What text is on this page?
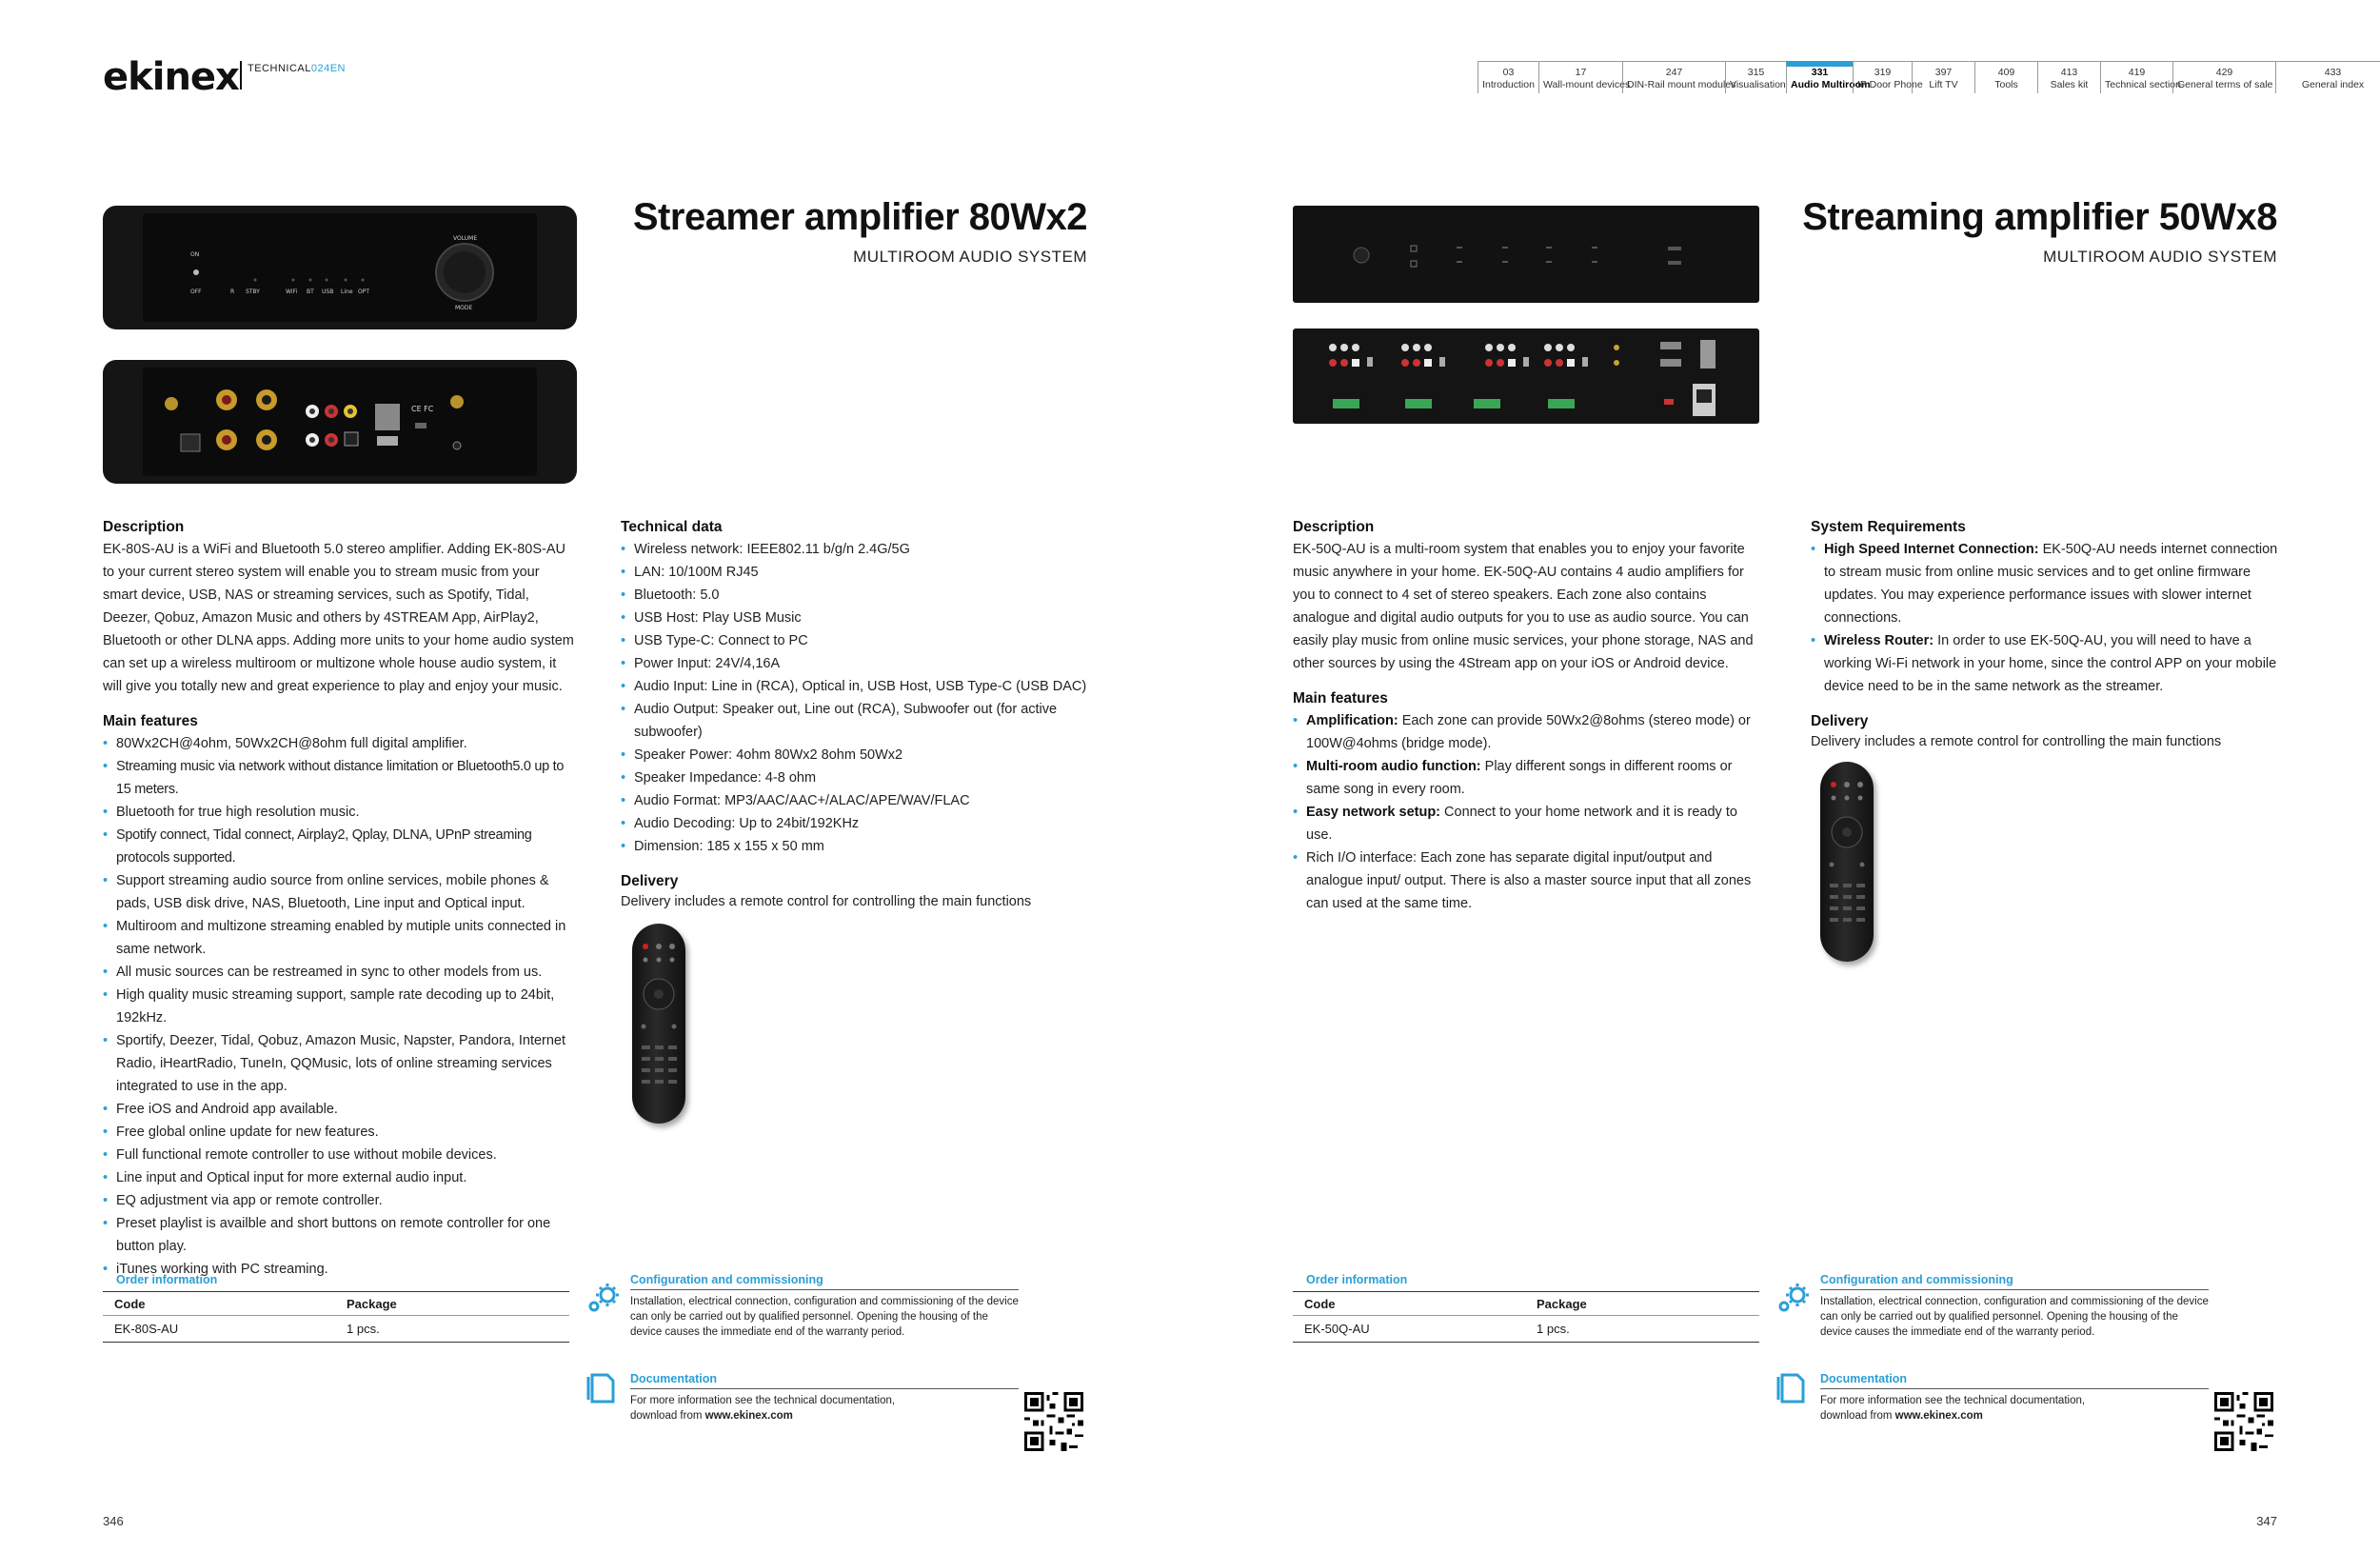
ekinex TECHNICAL024EN	03
Introduction
17
Wall-mount devices
247
DIN-Rail mount modules
315
Visualisation
331
Audio Multiroom
319
IP Door Phone
397
Lift TV
409
Tools
413
Sales kit
419
Technical section
429
General terms of sale
433
General index
ON
OFF	R STBY	WiFi BT USB Line OPT
VOLUME
MODE
CE FC
Streamer amplifier 80Wx2
MULTIROOM AUDIO SYSTEM
Description

EK-80S-AU is a WiFi and Bluetooth 5.0 stereo amplifier. Adding EK-80S-AU to your current stereo system will enable you to stream music from your smart device, USB, NAS or streaming services, such as Spotify, Tidal, Deezer, Qobuz, Amazon Music and others by 4STREAM App, AirPlay2, Bluetooth or other DLNA apps. Adding more units to your home audio system can set up a wireless multiroom or multizone whole house audio system, it will give you totally new and great experience to play and enjoy your music.

Main features
• 80Wx2CH@4ohm, 50Wx2CH@8ohm full digital amplifier.
• Streaming music via network without distance limitation or Bluetooth5.0 up to 15 meters.
• Bluetooth for true high resolution music.
• Spotify connect, Tidal connect, Airplay2, Qplay, DLNA, UPnP streaming protocols supported.
• Support streaming audio source from online services, mobile phones & pads, USB disk drive, NAS, Bluetooth, Line input and Optical input.
• Multiroom and multizone streaming enabled by mutiple units connected in same network.
• All music sources can be restreamed in sync to other models from us.
• High quality music streaming support, sample rate decoding up to 24bit, 192kHz.
• Sportify, Deezer, Tidal, Qobuz, Amazon Music, Napster, Pandora, Internet Radio, iHeartRadio, TuneIn, QQMusic, lots of online streaming services integrated to use in the app.
• Free iOS and Android app available.
• Free global online update for new features.
• Full functional remote controller to use without mobile devices.
• Line input and Optical input for more external audio input.
• EQ adjustment via app or remote controller.
• Preset playlist is availble and short buttons on remote controller for one button play.
• iTunes working with PC streaming.
Technical data
• Wireless network: IEEE802.11 b/g/n 2.4G/5G
• LAN: 10/100M RJ45
• Bluetooth: 5.0
• USB Host: Play USB Music
• USB Type-C: Connect to PC
• Power Input: 24V/4,16A
• Audio Input: Line in (RCA), Optical in, USB Host, USB Type-C (USB DAC)
• Audio Output: Speaker out, Line out (RCA), Subwoofer out (for active subwoofer)
• Speaker Power: 4ohm 80Wx2 8ohm 50Wx2
• Speaker Impedance: 4-8 ohm
• Audio Format: MP3/AAC/AAC+/ALAC/APE/WAV/FLAC
• Audio Decoding: Up to 24bit/192KHz
• Dimension: 185 x 155 x 50 mm
Delivery

Delivery includes a remote control for controlling the main functions

Order information
Code	Package
EK-80S-AU	1 pcs.
Configuration and commissioning
Installation, electrical connection, configuration and commissioning of the device can only be carried out by qualified personnel. Opening the housing of the device causes the immediate end of the warranty period.
Documentation
For more information see the technical documentation, download from www.ekinex.com
346
Streaming amplifier 50Wx8
MULTIROOM AUDIO SYSTEM
Description

EK-50Q-AU is a multi-room system that enables you to enjoy your favorite music anywhere in your home. EK-50Q-AU contains 4 audio amplifiers for you to connect to 4 set of stereo speakers. Each zone also contains analogue and digital audio outputs for you to use as audio source. You can easily play music from online music services, your phone storage, NAS and other sources by using the 4Stream app on your iOS or Android device.

Main features
• Amplification: Each zone can provide 50Wx2@8ohms (stereo mode) or 100W@4ohms (bridge mode).
• Multi-room audio function: Play different songs in different rooms or same song in every room.
• Easy network setup: Connect to your home network and it is ready to use.
• Rich I/O interface: Each zone has separate digital input/output and analogue input/ output. There is also a master source input that all zones can used at the same time.
System Requirements
• High Speed Internet Connection: EK-50Q-AU needs internet connection to stream music from online music services and to get online firmware updates. You may experience performance issues with slower internet connections.
• Wireless Router: In order to use EK-50Q-AU, you will need to have a working Wi-Fi network in your home, since the control APP on your mobile device need to be in the same network as the streamer.
Delivery

Delivery includes a remote control for controlling the main functions

Order information
Code	Package
EK-50Q-AU	1 pcs.
Configuration and commissioning
Installation, electrical connection, configuration and commissioning of the device can only be carried out by qualified personnel. Opening the housing of the device causes the immediate end of the warranty period.
Documentation
For more information see the technical documentation, download from www.ekinex.com
347
